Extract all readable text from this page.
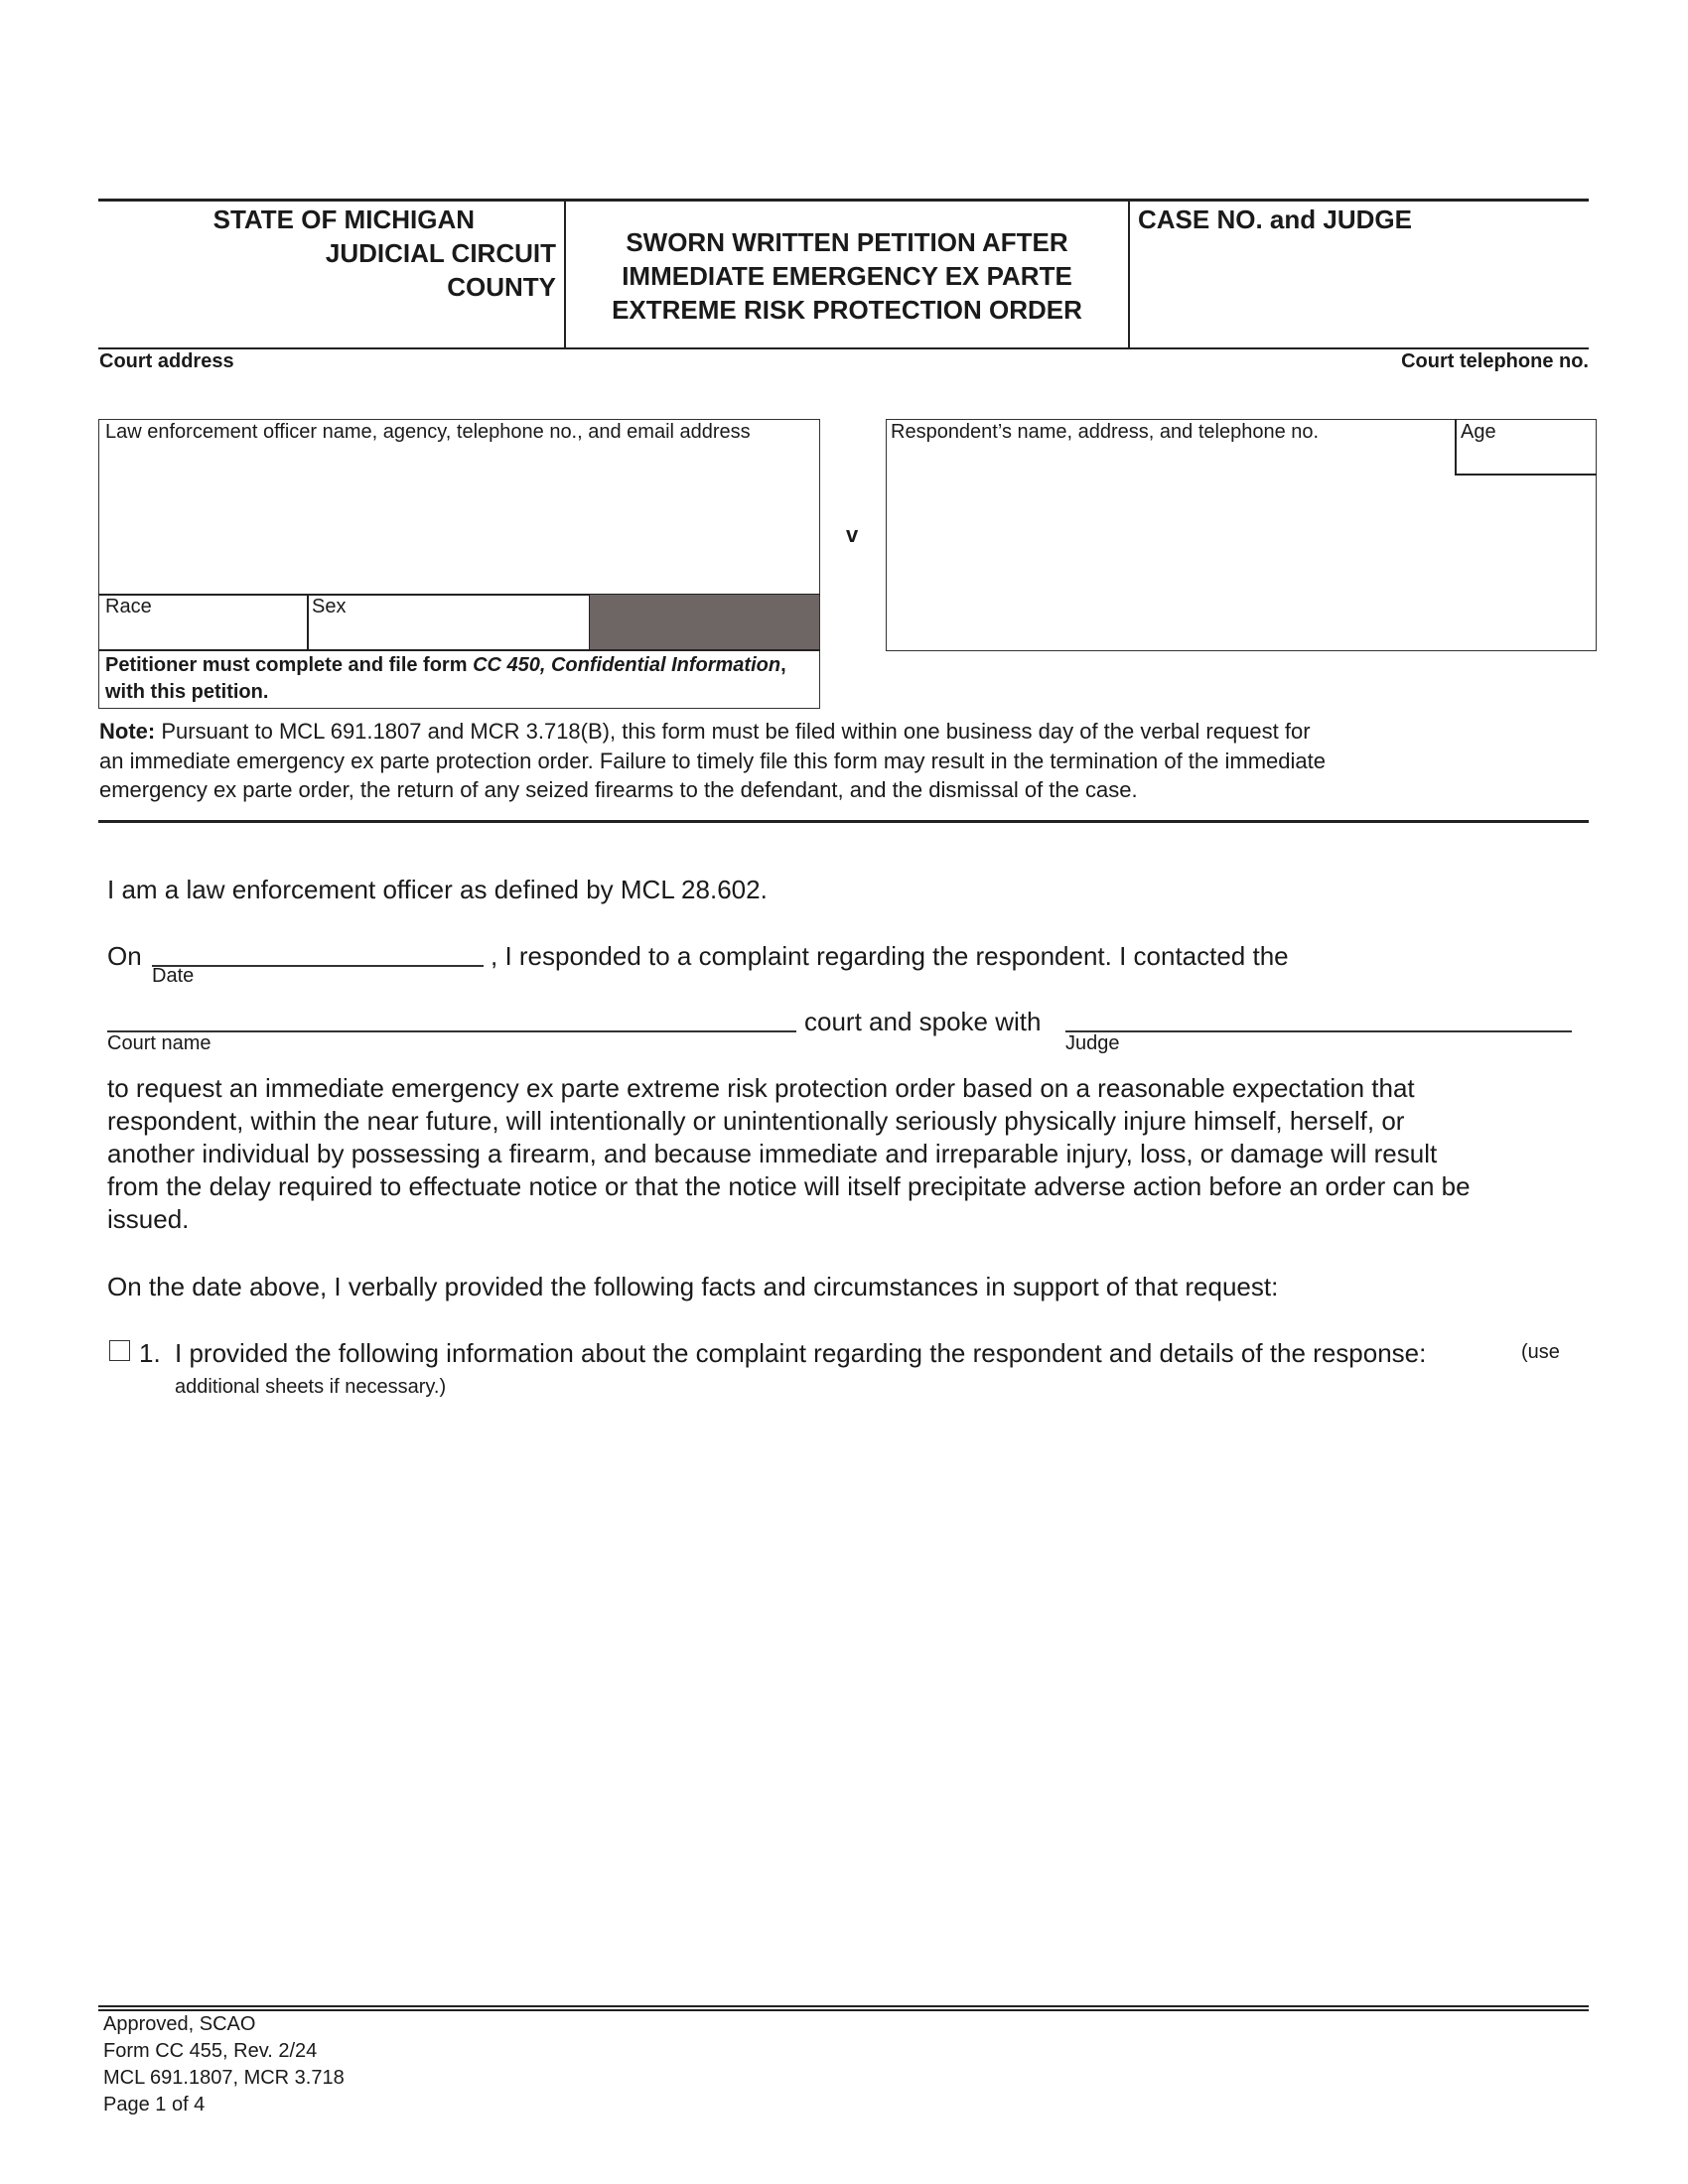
STATE OF MICHIGAN
JUDICIAL CIRCUIT
COUNTY
SWORN WRITTEN PETITION AFTER
IMMEDIATE EMERGENCY EX PARTE
EXTREME RISK PROTECTION ORDER
CASE NO. and JUDGE
Court address	Court telephone no.
Law enforcement officer name, agency, telephone no., and email address
Race	Sex
Petitioner must complete and file form CC 450, Confidential Information, with this petition.
v
Respondent’s name, address, and telephone no.	Age
Note: Pursuant to MCL 691.1807 and MCR 3.718(B), this form must be filed within one business day of the verbal request for
an immediate emergency ex parte protection order. Failure to timely file this form may result in the termination of the immediate
emergency ex parte order, the return of any seized firearms to the defendant, and the dismissal of the case.
I am a law enforcement officer as defined by MCL 28.602.
On
Date
, I responded to a complaint regarding the respondent. I contacted the
Court name
court and spoke with
Judge
to request an immediate emergency ex parte extreme risk protection order based on a reasonable expectation that
respondent, within the near future, will intentionally or unintentionally seriously physically injure himself, herself, or
another individual by possessing a firearm, and because immediate and irreparable injury, loss, or damage will result
from the delay required to effectuate notice or that the notice will itself precipitate adverse action before an order can be
issued.
On the date above, I verbally provided the following facts and circumstances in support of that request:
1. I provided the following information about the complaint regarding the respondent and details of the response:	(use
additional sheets if necessary.)
Approved, SCAO
Form CC 455, Rev. 2/24
MCL 691.1807, MCR 3.718
Page 1 of 4
